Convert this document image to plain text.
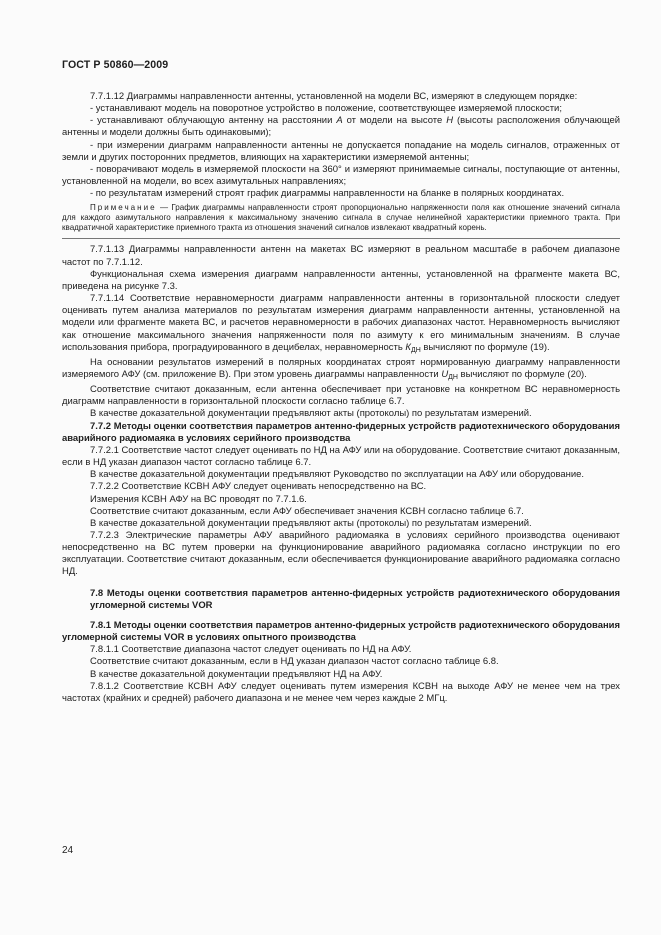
ГОСТ Р 50860—2009

7.7.1.12 Диаграммы направленности антенны, установленной на модели ВС, измеряют в следующем порядке:

- устанавливают модель на поворотное устройство в положение, соответствующее измеряемой плоскости;

- устанавливают облучающую антенну на расстоянии А от модели на высоте Н (высоты расположения облучающей антенны и модели должны быть одинаковыми);

- при измерении диаграмм направленности антенны не допускается попадание на модель сигналов, отраженных от земли и других посторонних предметов, влияющих на характеристики измеряемой антенны;

- поворачивают модель в измеряемой плоскости на 360° и измеряют принимаемые сигналы, поступающие от антенны, установленной на модели, во всех азимутальных направлениях;

- по результатам измерений строят график диаграммы направленности на бланке в полярных координатах.

Примечание — График диаграммы направленности строят пропорционально напряженности поля как отношение значений сигнала для каждого азимутального направления к максимальному значению сигнала в случае нелинейной характеристики приемного тракта. При квадратичной характеристике приемного тракта из отношения значений сигналов извлекают квадратный корень.

7.7.1.13 Диаграммы направленности антенн на макетах ВС измеряют в реальном масштабе в рабочем диапазоне частот по 7.7.1.12.

Функциональная схема измерения диаграмм направленности антенны, установленной на фрагменте макета ВС, приведена на рисунке 7.3.

7.7.1.14 Соответствие неравномерности диаграмм направленности антенны в горизонтальной плоскости следует оценивать путем анализа материалов по результатам измерения диаграмм направленности антенны, установленной на модели или фрагменте макета ВС, и расчетов неравномерности в рабочих диапазонах частот. Неравномерность вычисляют как отношение максимального значения напряженности поля по азимуту к его минимальным значениям. В случае использования прибора, проградуированного в децибелах, неравномерность $К_{ДН}$ вычисляют по формуле (19).

На основании результатов измерений в полярных координатах строят нормированную диаграмму направленности измеряемого АФУ (см. приложение В). При этом уровень диаграммы направленности $U_{ДН}$ вычисляют по формуле (20).

Соответствие считают доказанным, если антенна обеспечивает при установке на конкретном ВС неравномерность диаграмм направленности в горизонтальной плоскости согласно таблице 6.7.

В качестве доказательной документации предъявляют акты (протоколы) по результатам измерений.

7.7.2 Методы оценки соответствия параметров антенно-фидерных устройств радиотехнического оборудования аварийного радиомаяка в условиях серийного производства

7.7.2.1 Соответствие частот следует оценивать по НД на АФУ или на оборудование. Соответствие считают доказанным, если в НД указан диапазон частот согласно таблице 6.7.

В качестве доказательной документации предъявляют Руководство по эксплуатации на АФУ или оборудование.

7.7.2.2 Соответствие КСВН АФУ следует оценивать непосредственно на ВС.

Измерения КСВН АФУ на ВС проводят по 7.7.1.6.

Соответствие считают доказанным, если АФУ обеспечивает значения КСВН согласно таблице 6.7.

В качестве доказательной документации предъявляют акты (протоколы) по результатам измерений.

7.7.2.3 Электрические параметры АФУ аварийного радиомаяка в условиях серийного производства оценивают непосредственно на ВС путем проверки на функционирование аварийного радиомаяка согласно инструкции по его эксплуатации. Соответствие считают доказанным, если обеспечивается функционирование аварийного радиомаяка согласно НД.

7.8 Методы оценки соответствия параметров антенно-фидерных устройств радиотехнического оборудования угломерной системы VOR

7.8.1 Методы оценки соответствия параметров антенно-фидерных устройств радиотехнического оборудования угломерной системы VOR в условиях опытного производства

7.8.1.1 Соответствие диапазона частот следует оценивать по НД на АФУ.

Соответствие считают доказанным, если в НД указан диапазон частот согласно таблице 6.8.

В качестве доказательной документации предъявляют НД на АФУ.

7.8.1.2 Соответствие КСВН АФУ следует оценивать путем измерения КСВН на выходе АФУ не менее чем на трех частотах (крайних и средней) рабочего диапазона и не менее чем через каждые 2 МГц.

24
